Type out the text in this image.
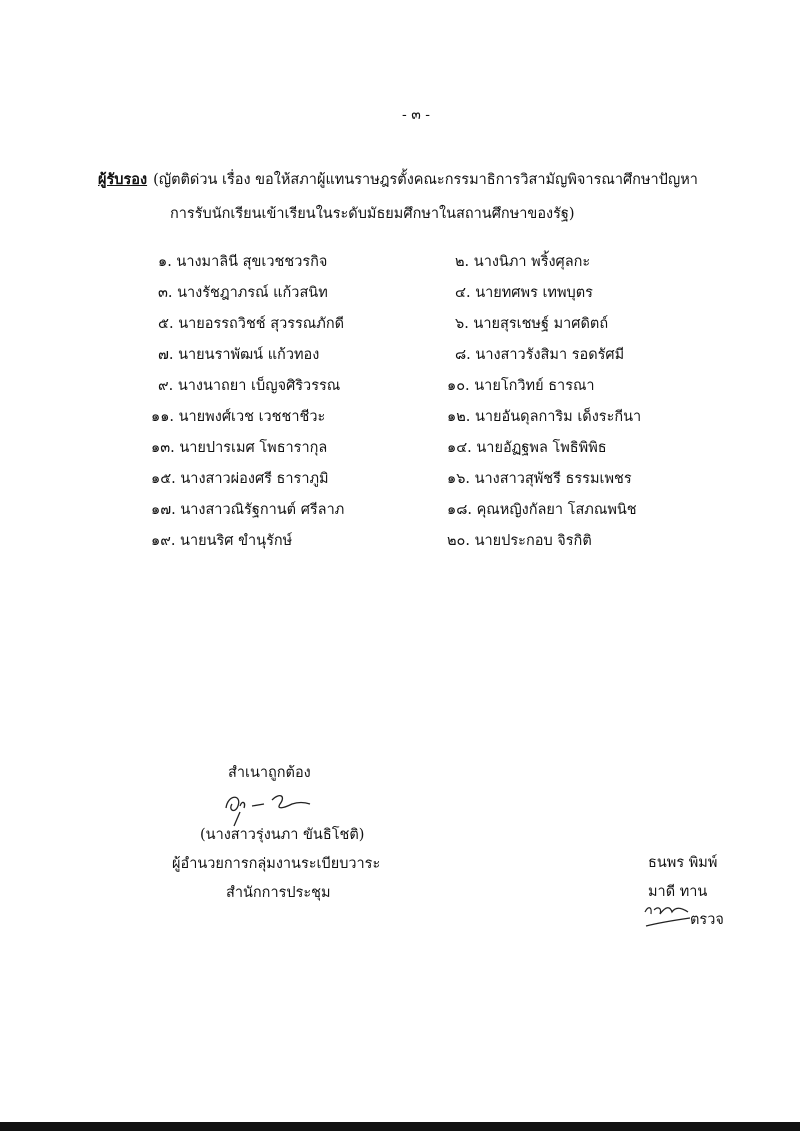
- ๓ -
ผู้รับรอง (ญัตติด่วน เรื่อง ขอให้สภาผู้แทนราษฎรตั้งคณะกรรมาธิการวิสามัญพิจารณาศึกษาปัญหา
การรับนักเรียนเข้าเรียนในระดับมัธยมศึกษาในสถานศึกษาของรัฐ)
๑. นางมาลินี สุขเวชชวรกิจ	๒. นางนิภา พริ้งศุลกะ
๓. นางรัชฎาภรณ์ แก้วสนิท	๔. นายทศพร เทพบุตร
๕. นายอรรถวิชช์ สุวรรณภักดี	๖. นายสุรเชษฐ์ มาศดิตถ์
๗. นายนราพัฒน์ แก้วทอง	๘. นางสาวรังสิมา รอดรัศมี
๙. นางนาถยา เบ็ญจศิริวรรณ	๑๐. นายโกวิทย์ ธารณา
๑๑. นายพงศ์เวช เวชชาชีวะ	๑๒. นายอันดุลการิม เด็งระกีนา
๑๓. นายปารเมศ โพธารากุล	๑๔. นายอัฏฐพล โพธิพิพิธ
๑๕. นางสาวผ่องศรี ธาราภูมิ	๑๖. นางสาวสุพัชรี ธรรมเพชร
๑๗. นางสาวณิรัฐกานต์ ศรีลาภ	๑๘. คุณหญิงกัลยา โสภณพนิช
๑๙. นายนริศ ขำนุรักษ์	๒๐. นายประกอบ จิรกิติ
สำเนาถูกต้อง
(นางสาวรุ่งนภา ขันธิโชติ)
ผู้อำนวยการกลุ่มงานระเบียบวาระ
สำนักการประชุม
ธนพร พิมพ์
มาดี ทาน
ตรวจ
